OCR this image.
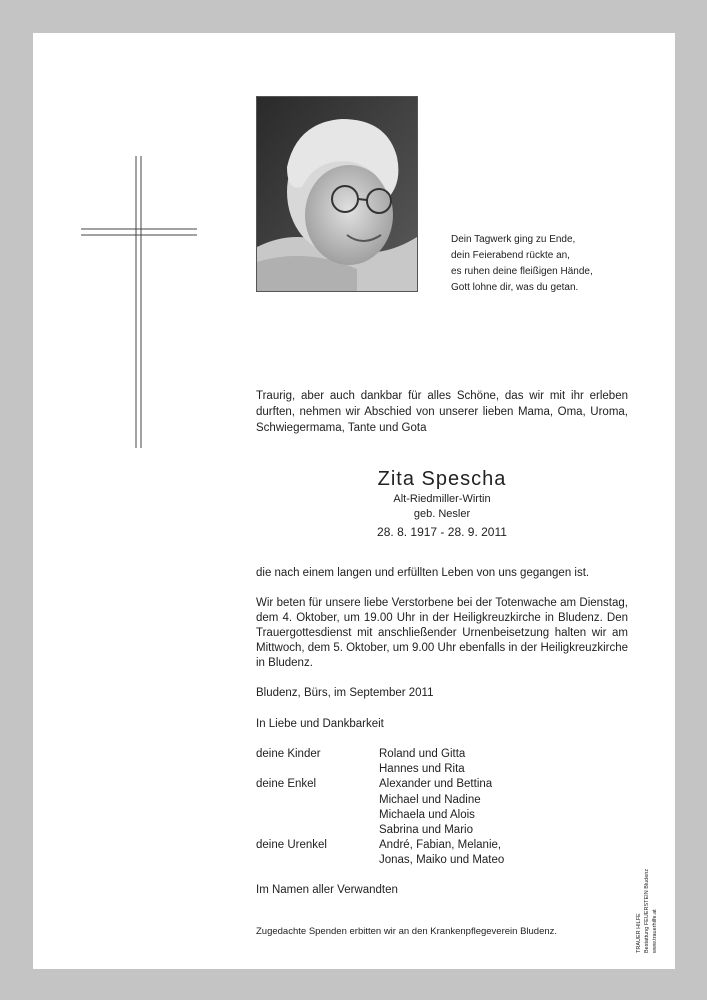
Dein Tagwerk ging zu Ende,
dein Feierabend rückte an,
es ruhen deine fleißigen Hände,
Gott lohne dir, was du getan.
Traurig, aber auch dankbar für alles Schöne, das wir mit ihr erleben durften, nehmen wir Abschied von unserer lieben Mama, Oma, Uroma, Schwiegermama, Tante und Gota
Zita Spescha
Alt-Riedmiller-Wirtin
geb. Nesler
28. 8. 1917 - 28. 9. 2011
die nach einem langen und erfüllten Leben von uns gegangen ist.
Wir beten für unsere liebe Verstorbene bei der Totenwache am Dienstag, dem 4. Oktober, um 19.00 Uhr in der Heiligkreuzkirche in Bludenz. Den Trauergottesdienst mit anschließender Urnenbeisetzung halten wir am Mittwoch, dem 5. Oktober, um 9.00 Uhr ebenfalls in der Heiligkreuzkirche in Bludenz.
Bludenz, Bürs, im September 2011
In Liebe und Dankbarkeit
deine Kinder	Roland und Gitta
Hannes und Rita
deine Enkel	Alexander und Bettina
Michael und Nadine
Michaela und Alois
Sabrina und Mario
deine Urenkel	André, Fabian, Melanie,
Jonas, Maiko und Mateo
Im Namen aller Verwandten
Zugedachte Spenden erbitten wir an den Krankenpflegeverein Bludenz.	TRAUER HILFE Bestattung FEUERSTEIN Bludenz www.trauerhilfe.at
